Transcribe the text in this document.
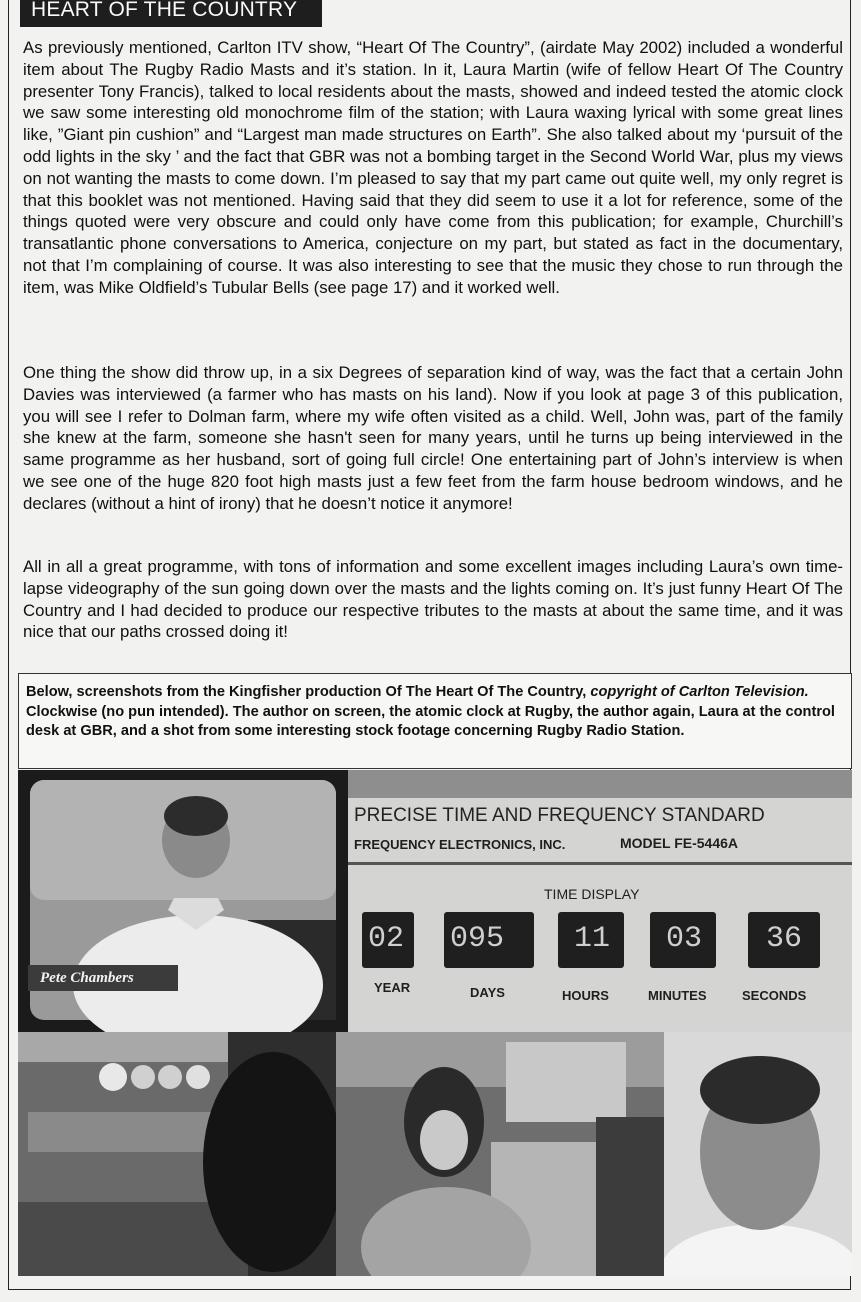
HEART OF THE COUNTRY

As previously mentioned, Carlton ITV show, “Heart Of The Country”, (airdate May 2002) included a wonderful item about The Rugby Radio Masts and it’s station. In it, Laura Martin (wife of fellow Heart Of The Country presenter Tony Francis), talked to local residents about the masts, showed and indeed tested the atomic clock we saw some interesting old monochrome film of the station; with Laura waxing lyrical with some great lines like, ”Giant pin cushion” and “Largest man made structures on Earth”. She also talked about my ‘pursuit of the odd lights in the sky ’ and the fact that GBR was not a bombing target in the Second World War, plus my views on not wanting the masts to come down. I’m pleased to say that my part came out quite well, my only regret is that this booklet was not mentioned. Having said that they did seem to use it a lot for reference, some of the things quoted were very obscure and could only have come from this publication; for example, Churchill’s transatlantic phone conversations to America, conjecture on my part, but stated as fact in the documentary, not that I’m complaining of course. It was also interesting to see that the music they chose to run through the item, was Mike Oldfield’s Tubular Bells (see page 17) and it worked well.

One thing the show did throw up, in a six Degrees of separation kind of way, was the fact that a certain John Davies was interviewed (a farmer who has masts on his land). Now if you look at page 3 of this publication, you will see I refer to Dolman farm, where my wife often visited as a child. Well, John was, part of the family she knew at the farm, someone she hasn't seen for many years, until he turns up being interviewed in the same programme as her husband, sort of going full circle! One entertaining part of John’s interview is when we see one of the huge 820 foot high masts just a few feet from the farm house bedroom windows, and he declares (without a hint of irony) that he doesn’t notice it anymore!

All in all a great programme, with tons of information and some excellent images including Laura’s own time-lapse videography of the sun going down over the masts and the lights coming on. It’s just funny Heart Of The Country and I had decided to produce our respective tributes to the masts at about the same time, and it was nice that our paths crossed doing it!

Below, screenshots from the Kingfisher production Of The Heart Of The Country, copyright of Carlton Television. Clockwise (no pun intended). The author on screen, the atomic clock at Rugby, the author again, Laura at the control desk at GBR, and a shot from some interesting stock footage concerning Rugby Radio Station.

Pete Chambers
PRECISE TIME AND FREQUENCY STANDARD
FREQUENCY ELECTRONICS, INC.	MODEL FE-5446A
TIME DISPLAY
02 095 11 03 36
YEAR	DAYS	HOURS	MINUTES	SECONDS
